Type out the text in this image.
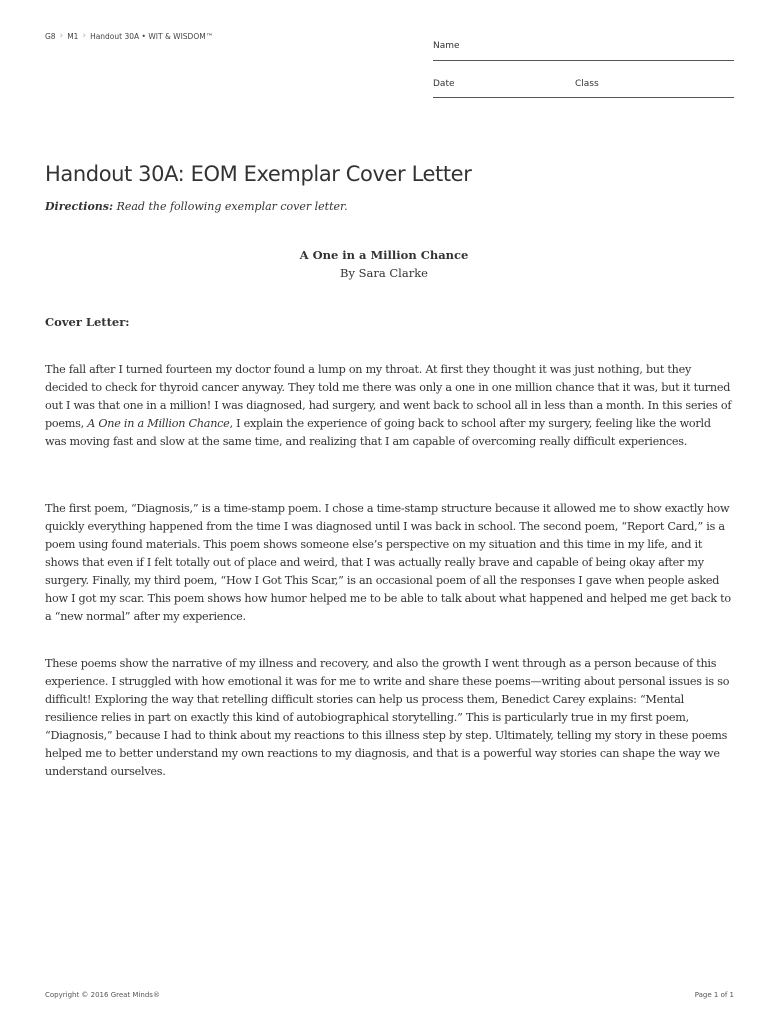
G8 › M1 › Handout 30A • WIT & WISDOM™
Name
Date	Class
Handout 30A: EOM Exemplar Cover Letter
Directions: Read the following exemplar cover letter.
A One in a Million Chance
By Sara Clarke
Cover Letter:
The fall after I turned fourteen my doctor found a lump on my throat. At first they thought it was just nothing, but they decided to check for thyroid cancer anyway. They told me there was only a one in one million chance that it was, but it turned out I was that one in a million! I was diagnosed, had surgery, and went back to school all in less than a month. In this series of poems, A One in a Million Chance, I explain the experience of going back to school after my surgery, feeling like the world was moving fast and slow at the same time, and realizing that I am capable of overcoming really difficult experiences.
The first poem, “Diagnosis,” is a time-stamp poem. I chose a time-stamp structure because it allowed me to show exactly how quickly everything happened from the time I was diagnosed until I was back in school. The second poem, “Report Card,” is a poem using found materials. This poem shows someone else’s perspective on my situation and this time in my life, and it shows that even if I felt totally out of place and weird, that I was actually really brave and capable of being okay after my surgery. Finally, my third poem, “How I Got This Scar,” is an occasional poem of all the responses I gave when people asked how I got my scar. This poem shows how humor helped me to be able to talk about what happened and helped me get back to a “new normal” after my experience.
These poems show the narrative of my illness and recovery, and also the growth I went through as a person because of this experience. I struggled with how emotional it was for me to write and share these poems—writing about personal issues is so difficult! Exploring the way that retelling difficult stories can help us process them, Benedict Carey explains: “Mental resilience relies in part on exactly this kind of autobiographical storytelling.” This is particularly true in my first poem, “Diagnosis,” because I had to think about my reactions to this illness step by step. Ultimately, telling my story in these poems helped me to better understand my own reactions to my diagnosis, and that is a powerful way stories can shape the way we understand ourselves.
Copyright © 2016 Great Minds®	Page 1 of 1
